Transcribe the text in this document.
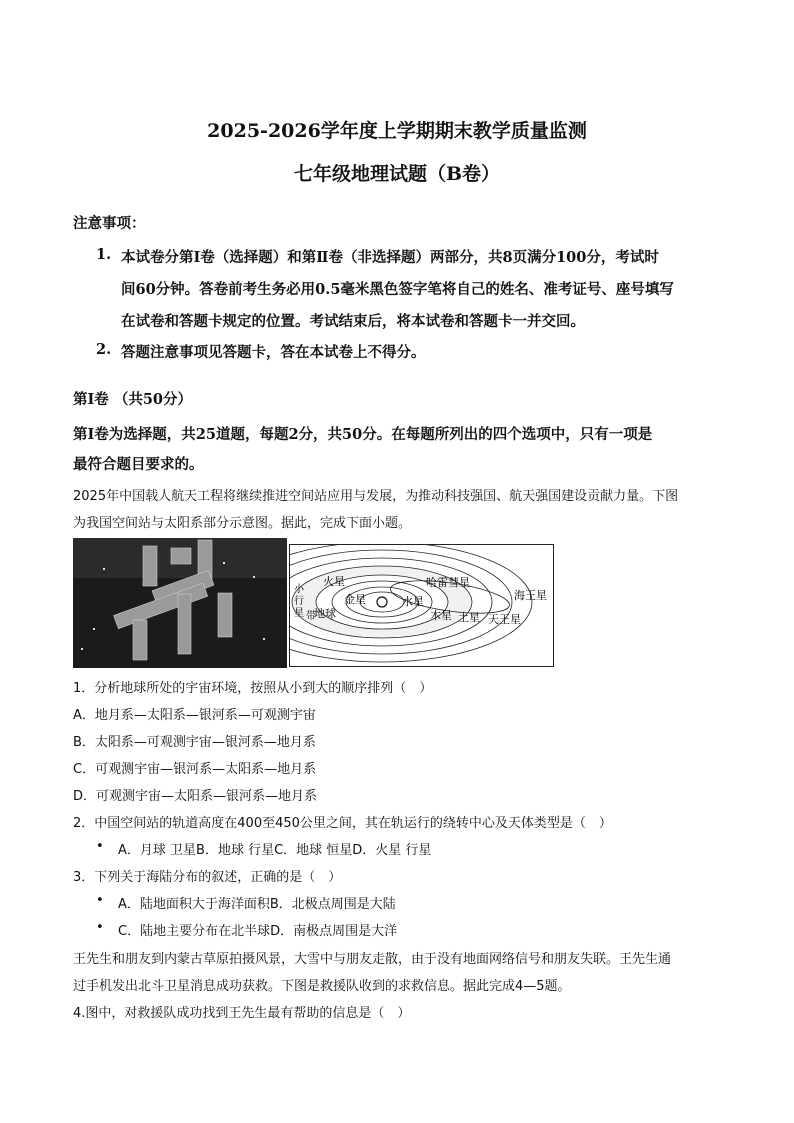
2025-2026学年度上学期期末教学质量监测
七年级地理试题（B卷）
注意事项：
1. 本试卷分第Ⅰ卷（选择题）和第Ⅱ卷（非选择题）两部分，共8页满分100分，考试时
间60分钟。答卷前考生务必用0.5毫米黑色签字笔将自己的姓名、准考证号、座号填写
在试卷和答题卡规定的位置。考试结束后，将本试卷和答题卡一并交回。
2. 答题注意事项见答题卡，答在本试卷上不得分。
第Ⅰ卷 （共50分）
第Ⅰ卷为选择题，共25道题，每题2分，共50分。在每题所列出的四个选项中，只有一项是
最符合题目要求的。
2025年中国载人航天工程将继续推进空间站应用与发展，为推动科技强国、航天强国建设贡献力量。下图
为我国空间站与太阳系部分示意图。据此，完成下面小题。
火星	哈雷彗星
金星	水星
地球	木星 土星 天王星
海王星
小
行
星 带
1．分析地球所处的宇宙环境，按照从小到大的顺序排列（　）
A．地月系—太阳系—银河系—可观测宇宙
B．太阳系—可观测宇宙—银河系—地月系
C．可观测宇宙—银河系—太阳系—地月系
D．可观测宇宙—太阳系—银河系—地月系
2．中国空间站的轨道高度在400至450公里之间，其在轨运行的绕转中心及天体类型是（　）
• A．月球 卫星B．地球 行星C．地球 恒星D．火星 行星
3．下列关于海陆分布的叙述，正确的是（　）
• A．陆地面积大于海洋面积B．北极点周围是大陆
• C．陆地主要分布在北半球D．南极点周围是大洋
王先生和朋友到内蒙古草原拍摄风景，大雪中与朋友走散，由于没有地面网络信号和朋友失联。王先生通
过手机发出北斗卫星消息成功获救。下图是救援队收到的求救信息。据此完成4—5题。
4.图中，对救援队成功找到王先生最有帮助的信息是（　）
